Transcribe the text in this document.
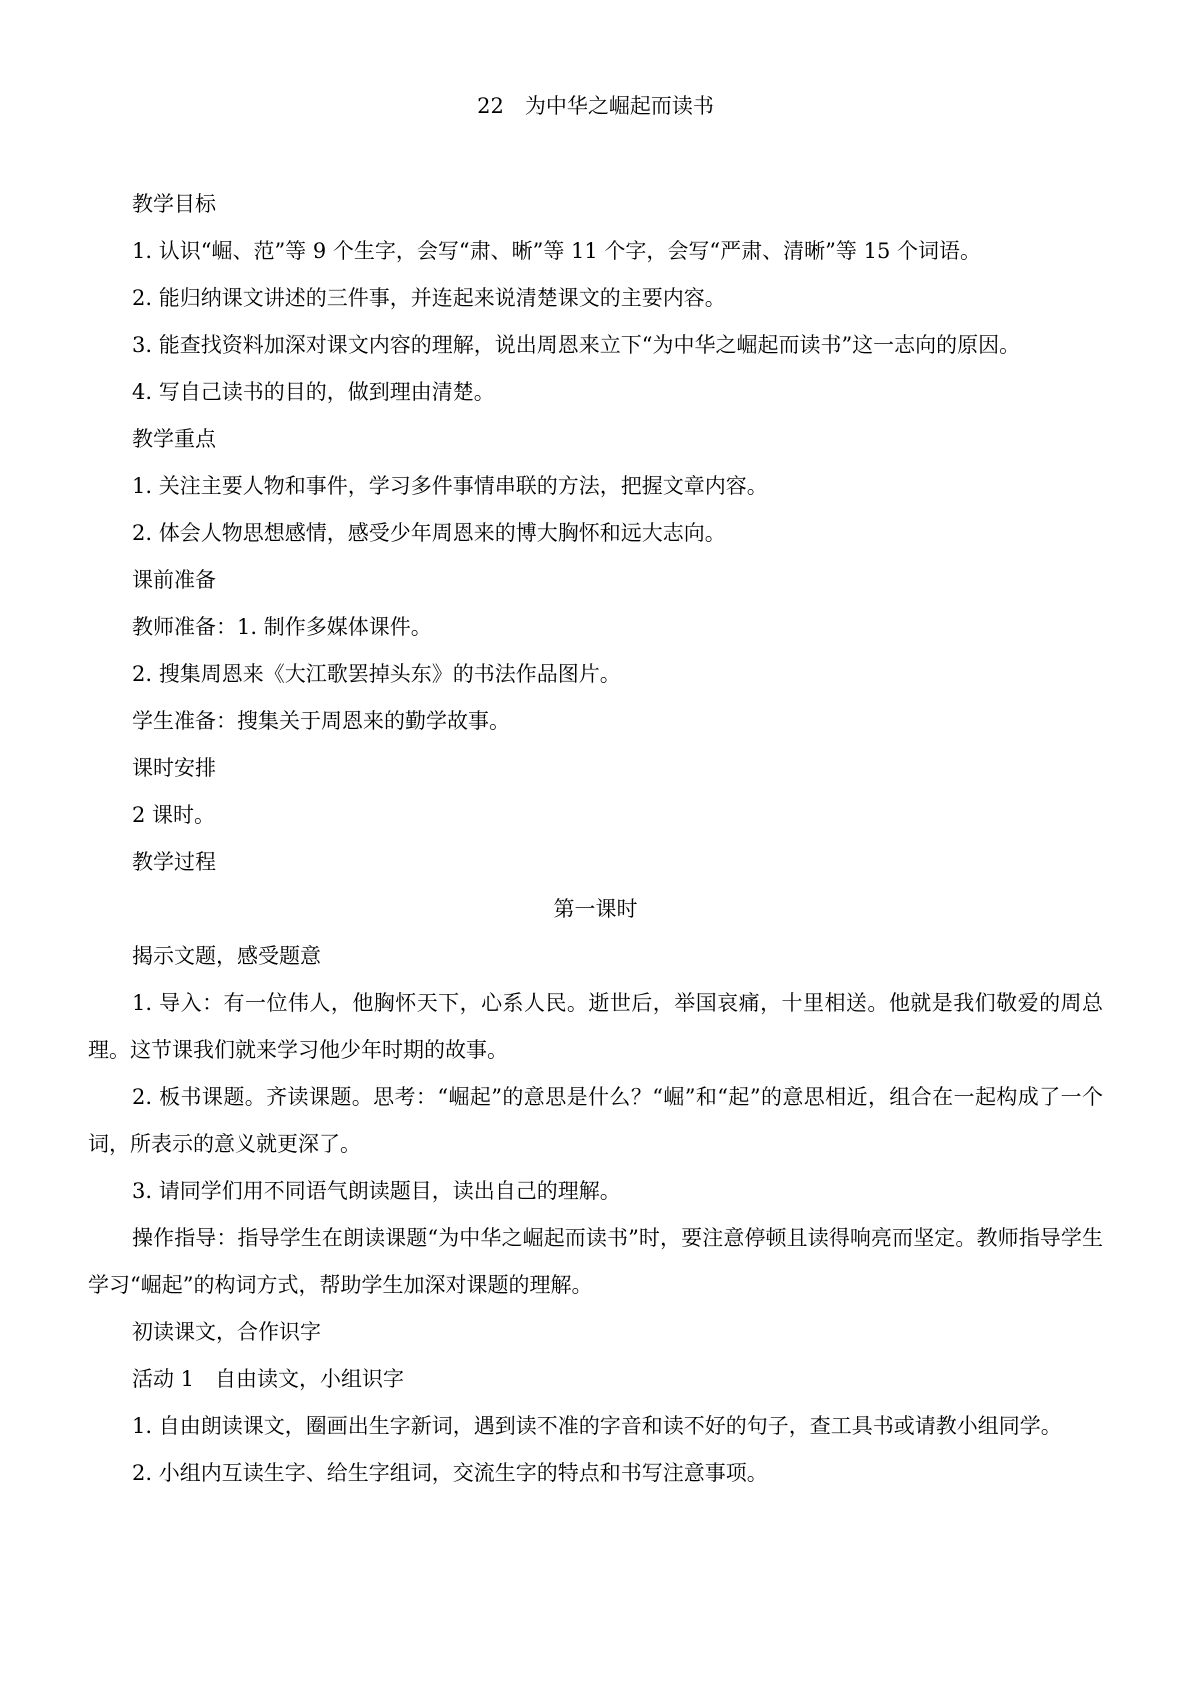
22　为中华之崛起而读书

教学目标

1. 认识“崛、范”等 9 个生字，会写“肃、晰”等 11 个字，会写“严肃、清晰”等 15 个词语。

2. 能归纳课文讲述的三件事，并连起来说清楚课文的主要内容。

3. 能查找资料加深对课文内容的理解，说出周恩来立下“为中华之崛起而读书”这一志向的原因。

4. 写自己读书的目的，做到理由清楚。

教学重点

1. 关注主要人物和事件，学习多件事情串联的方法，把握文章内容。

2. 体会人物思想感情，感受少年周恩来的博大胸怀和远大志向。

课前准备

教师准备：1. 制作多媒体课件。

2. 搜集周恩来《大江歌罢掉头东》的书法作品图片。

学生准备：搜集关于周恩来的勤学故事。

课时安排

2 课时。

教学过程

第一课时

揭示文题，感受题意

1. 导入：有一位伟人，他胸怀天下，心系人民。逝世后，举国哀痛，十里相送。他就是我们敬爱的周总理。这节课我们就来学习他少年时期的故事。

2. 板书课题。齐读课题。思考：“崛起”的意思是什么？“崛”和“起”的意思相近，组合在一起构成了一个词，所表示的意义就更深了。

3. 请同学们用不同语气朗读题目，读出自己的理解。

操作指导：指导学生在朗读课题“为中华之崛起而读书”时，要注意停顿且读得响亮而坚定。教师指导学生学习“崛起”的构词方式，帮助学生加深对课题的理解。

初读课文，合作识字

活动 1　自由读文，小组识字

1. 自由朗读课文，圈画出生字新词，遇到读不准的字音和读不好的句子，查工具书或请教小组同学。

2. 小组内互读生字、给生字组词，交流生字的特点和书写注意事项。
